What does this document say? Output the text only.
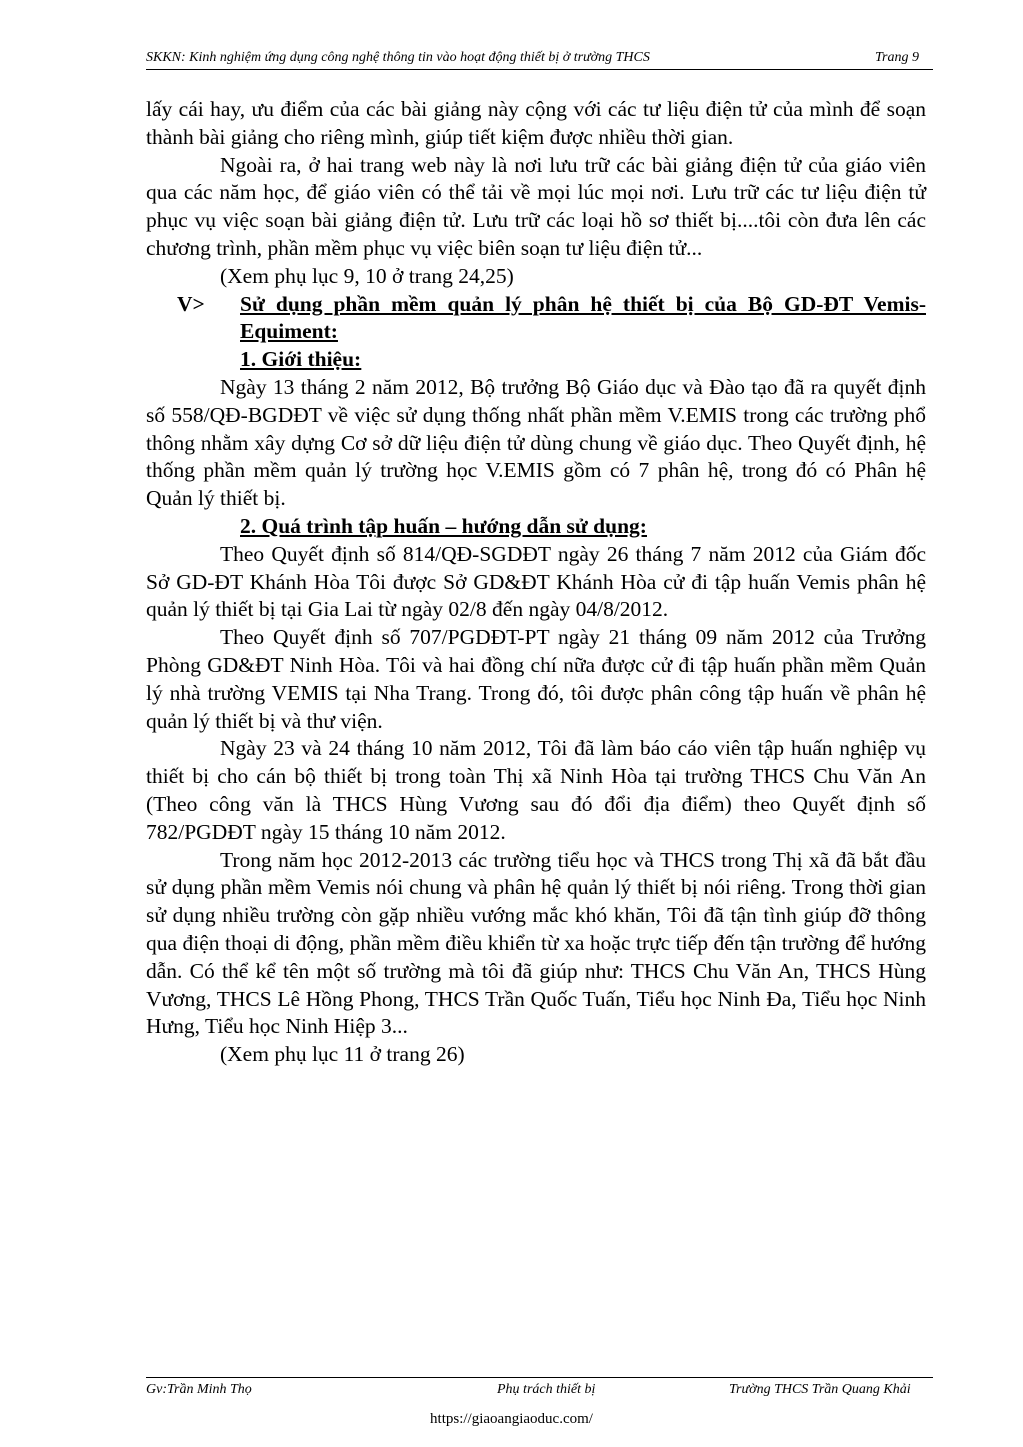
SKKN: Kinh nghiệm ứng dụng công nghệ thông tin vào hoạt động thiết bị ở trường THCS	Trang 9

lấy cái hay, ưu điểm của các bài giảng này cộng với các tư liệu điện tử của mình để soạn thành bài giảng cho riêng mình, giúp tiết kiệm được nhiều thời gian.

Ngoài ra, ở hai trang web này là nơi lưu trữ các bài giảng điện tử của giáo viên qua các năm học, để giáo viên có thể tải về mọi lúc mọi nơi. Lưu trữ các tư liệu điện tử phục vụ việc soạn bài giảng điện tử. Lưu trữ các loại hồ sơ thiết bị....tôi còn đưa lên các chương trình, phần mềm phục vụ việc biên soạn tư liệu điện tử...

(Xem phụ lục 9, 10 ở trang 24,25)

V> Sử dụng phần mềm quản lý phân hệ thiết bị của Bộ GD-ĐT Vemis-Equiment:
1. Giới thiệu:

Ngày 13 tháng 2 năm 2012, Bộ trưởng Bộ Giáo dục và Đào tạo đã ra quyết định số 558/QĐ-BGDĐT về việc sử dụng thống nhất phần mềm V.EMIS trong các trường phổ thông nhằm xây dựng Cơ sở dữ liệu điện tử dùng chung về giáo dục. Theo Quyết định, hệ thống phần mềm quản lý trường học V.EMIS gồm có 7 phân hệ, trong đó có Phân hệ Quản lý thiết bị.

2. Quá trình tập huấn – hướng dẫn sử dụng:

Theo Quyết định số 814/QĐ-SGDĐT ngày 26 tháng 7 năm 2012 của Giám đốc Sở GD-ĐT Khánh Hòa Tôi được Sở GD&ĐT Khánh Hòa cử đi tập huấn Vemis phân hệ quản lý thiết bị tại Gia Lai từ ngày 02/8 đến ngày 04/8/2012.

Theo Quyết định số 707/PGDĐT-PT ngày 21 tháng 09 năm 2012 của Trưởng Phòng GD&ĐT Ninh Hòa. Tôi và hai đồng chí nữa được cử đi tập huấn phần mềm Quản lý nhà trường VEMIS tại Nha Trang. Trong đó, tôi được phân công tập huấn về phân hệ quản lý thiết bị và thư viện.

Ngày 23 và 24 tháng 10 năm 2012, Tôi đã làm báo cáo viên tập huấn nghiệp vụ thiết bị cho cán bộ thiết bị trong toàn Thị xã Ninh Hòa tại trường THCS Chu Văn An (Theo công văn là THCS Hùng Vương sau đó đổi địa điểm) theo Quyết định số 782/PGDĐT ngày 15 tháng 10 năm 2012.

Trong năm học 2012-2013 các trường tiểu học và THCS trong Thị xã đã bắt đầu sử dụng phần mềm Vemis nói chung và phân hệ quản lý thiết bị nói riêng. Trong thời gian sử dụng nhiều trường còn gặp nhiều vướng mắc khó khăn, Tôi đã tận tình giúp đỡ thông qua điện thoại di động, phần mềm điều khiển từ xa hoặc trực tiếp đến tận trường để hướng dẫn. Có thể kể tên một số trường mà tôi đã giúp như: THCS Chu Văn An, THCS Hùng Vương, THCS Lê Hồng Phong, THCS Trần Quốc Tuấn, Tiểu học Ninh Đa, Tiểu học Ninh Hưng, Tiểu học Ninh Hiệp 3...

(Xem phụ lục 11 ở trang 26)

Gv:Trần Minh Thọ	Phụ trách thiết bị	Trường THCS Trần Quang Khải
https://giaoangiaoduc.com/
